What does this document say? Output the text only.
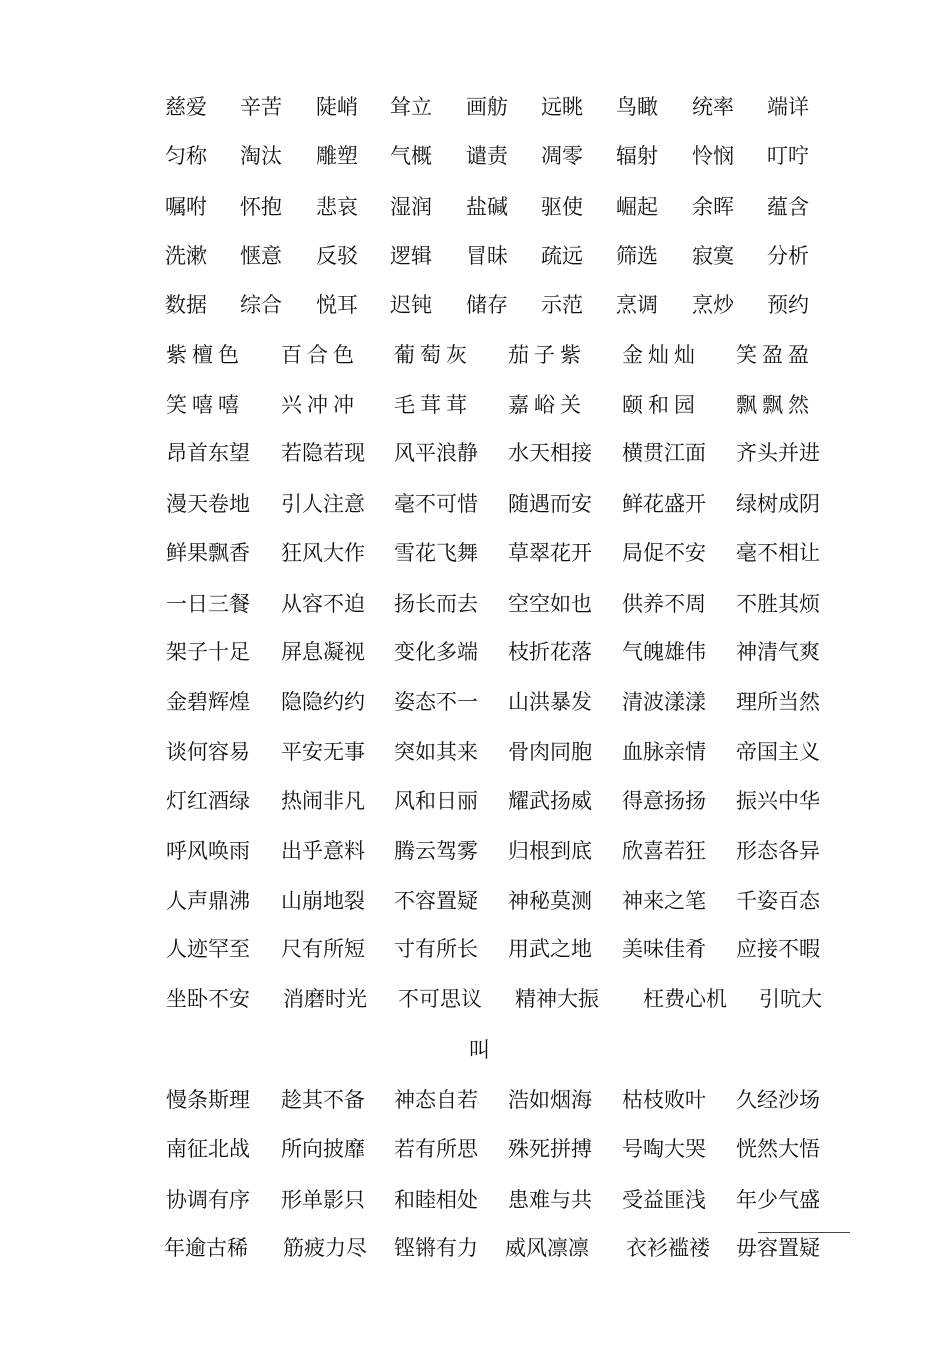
慈爱 辛苦 陡峭 耸立 画舫 远眺 鸟瞰 统率 端详
匀称 淘汰 雕塑 气概 谴责 凋零 辐射 怜悯 叮咛
嘱咐 怀抱 悲哀 湿润 盐碱 驱使 崛起 余晖 蕴含
洗漱 惬意 反驳 逻辑 冒昧 疏远 筛选 寂寞 分析
数据 综合 悦耳 迟钝 储存 示范 烹调 烹炒 预约
紫檀色 百合色 葡萄灰 茄子紫 金灿灿 笑盈盈
笑嘻嘻 兴冲冲 毛茸茸 嘉峪关 颐和园 飘飘然
昂首东望 若隐若现 风平浪静 水天相接 横贯江面 齐头并进
漫天卷地 引人注意 毫不可惜 随遇而安 鲜花盛开 绿树成阴
鲜果飘香 狂风大作 雪花飞舞 草翠花开 局促不安 毫不相让
一日三餐 从容不迫 扬长而去 空空如也 供养不周 不胜其烦
架子十足 屏息凝视 变化多端 枝折花落 气魄雄伟 神清气爽
金碧辉煌 隐隐约约 姿态不一 山洪暴发 清波漾漾 理所当然
谈何容易 平安无事 突如其来 骨肉同胞 血脉亲情 帝国主义
灯红酒绿 热闹非凡 风和日丽 耀武扬威 得意扬扬 振兴中华
呼风唤雨 出乎意料 腾云驾雾 归根到底 欣喜若狂 形态各异
人声鼎沸 山崩地裂 不容置疑 神秘莫测 神来之笔 千姿百态
人迹罕至 尺有所短 寸有所长 用武之地 美味佳肴 应接不暇
坐卧不安 消磨时光 不可思议 精神大振 枉费心机 引吭大
叫
慢条斯理 趁其不备 神态自若 浩如烟海 枯枝败叶 久经沙场
南征北战 所向披靡 若有所思 殊死拼搏 号啕大哭 恍然大悟
协调有序 形单影只 和睦相处 患难与共 受益匪浅 年少气盛
年逾古稀 筋疲力尽 铿锵有力 威风凛凛 衣衫褴褛 毋容置疑
